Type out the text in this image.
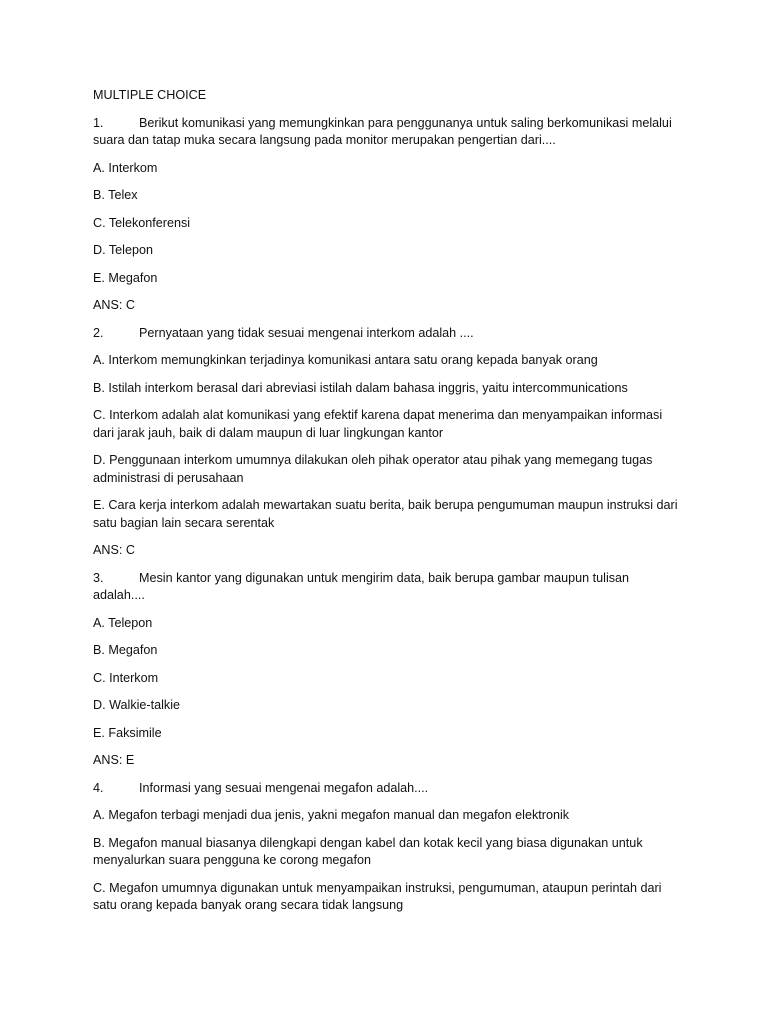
MULTIPLE CHOICE

1.	Berikut komunikasi yang memungkinkan para penggunanya untuk saling berkomunikasi melalui suara dan tatap muka secara langsung pada monitor merupakan pengertian dari....

A. Interkom

B. Telex

C. Telekonferensi

D. Telepon

E. Megafon

ANS: C

2.	Pernyataan yang tidak sesuai mengenai interkom adalah ....

A. Interkom memungkinkan terjadinya komunikasi antara satu orang kepada banyak orang

B. Istilah interkom berasal dari abreviasi istilah dalam bahasa inggris, yaitu intercommunications

C. Interkom adalah alat komunikasi yang efektif karena dapat menerima dan menyampaikan informasi dari jarak jauh, baik di dalam maupun di luar lingkungan kantor

D. Penggunaan interkom umumnya dilakukan oleh pihak operator atau pihak yang memegang tugas administrasi di perusahaan

E. Cara kerja interkom adalah mewartakan suatu berita, baik berupa pengumuman maupun instruksi dari satu bagian lain secara serentak

ANS: C

3.	Mesin kantor yang digunakan untuk mengirim data, baik berupa gambar maupun tulisan adalah....

A. Telepon

B. Megafon

C. Interkom

D. Walkie-talkie

E. Faksimile

ANS: E

4.	Informasi yang sesuai mengenai megafon adalah....

A. Megafon terbagi menjadi dua jenis, yakni megafon manual dan megafon elektronik

B. Megafon manual biasanya dilengkapi dengan kabel dan kotak kecil yang biasa digunakan untuk menyalurkan suara pengguna ke corong megafon

C. Megafon umumnya digunakan untuk menyampaikan instruksi, pengumuman, ataupun perintah dari satu orang kepada banyak orang secara tidak langsung
